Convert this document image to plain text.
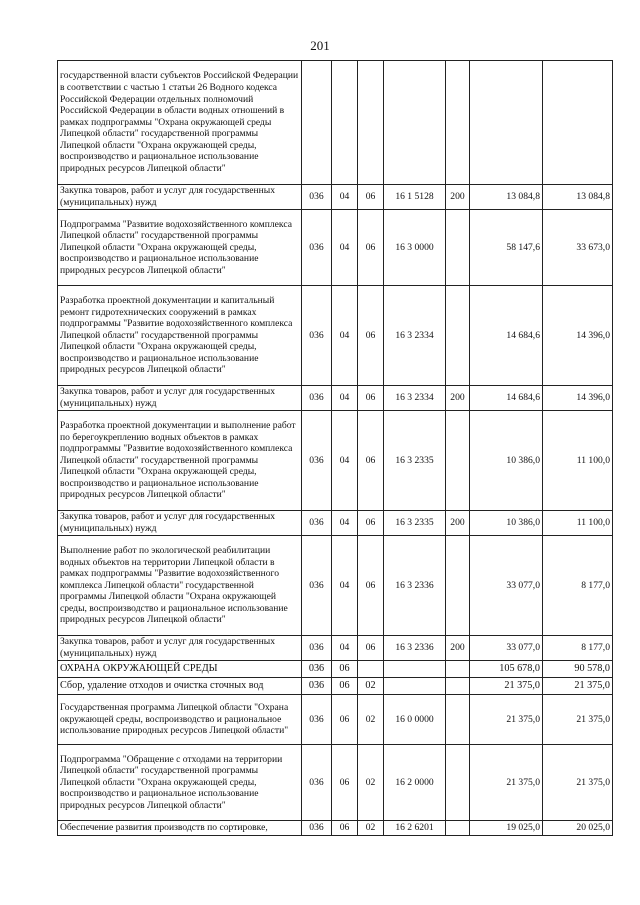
201
государственной власти субъектов Российской Федерации в соответствии с частью 1 статьи 26 Водного кодекса Российской Федерации отдельных полномочий Российской Федерации в области водных отношений в рамках подпрограммы "Охрана окружающей среды Липецкой области" государственной программы Липецкой области "Охрана окружающей среды, воспроизводство и рациональное использование природных ресурсов Липецкой области"							
Закупка товаров, работ и услуг для государственных (муниципальных) нужд	036	04	06	16 1 5128	200	13 084,8	13 084,8
Подпрограмма "Развитие водохозяйственного комплекса Липецкой области" государственной программы Липецкой области "Охрана окружающей среды, воспроизводство и рациональное использование природных ресурсов Липецкой области"	036	04	06	16 3 0000		58 147,6	33 673,0
Разработка проектной документации и капитальный ремонт гидротехнических сооружений в рамках подпрограммы "Развитие водохозяйственного комплекса Липецкой области" государственной программы Липецкой области "Охрана окружающей среды, воспроизводство и рациональное использование природных ресурсов Липецкой области"	036	04	06	16 3 2334		14 684,6	14 396,0
Закупка товаров, работ и услуг для государственных (муниципальных) нужд	036	04	06	16 3 2334	200	14 684,6	14 396,0
Разработка проектной документации и выполнение работ по берегоукреплению водных объектов в рамках подпрограммы "Развитие водохозяйственного комплекса Липецкой области" государственной программы Липецкой области "Охрана окружающей среды, воспроизводство и рациональное использование природных ресурсов Липецкой области"	036	04	06	16 3 2335		10 386,0	11 100,0
Закупка товаров, работ и услуг для государственных (муниципальных) нужд	036	04	06	16 3 2335	200	10 386,0	11 100,0
Выполнение работ по экологической реабилитации водных объектов на территории Липецкой области в рамках подпрограммы "Развитие водохозяйственного комплекса Липецкой области" государственной программы Липецкой области "Охрана окружающей среды, воспроизводство и рациональное использование природных ресурсов Липецкой области"	036	04	06	16 3 2336		33 077,0	8 177,0
Закупка товаров, работ и услуг для государственных (муниципальных) нужд	036	04	06	16 3 2336	200	33 077,0	8 177,0
ОХРАНА ОКРУЖАЮЩЕЙ СРЕДЫ	036	06				105 678,0	90 578,0
Сбор, удаление отходов и очистка сточных вод	036	06	02			21 375,0	21 375,0
Государственная программа Липецкой области "Охрана окружающей среды, воспроизводство и рациональное использование природных ресурсов Липецкой области"	036	06	02	16 0 0000		21 375,0	21 375,0
Подпрограмма "Обращение с отходами на территории Липецкой области" государственной программы Липецкой области "Охрана окружающей среды, воспроизводство и рациональное использование природных ресурсов Липецкой области"	036	06	02	16 2 0000		21 375,0	21 375,0
Обеспечение развития производств по сортировке,	036	06	02	16 2 6201		19 025,0	20 025,0
